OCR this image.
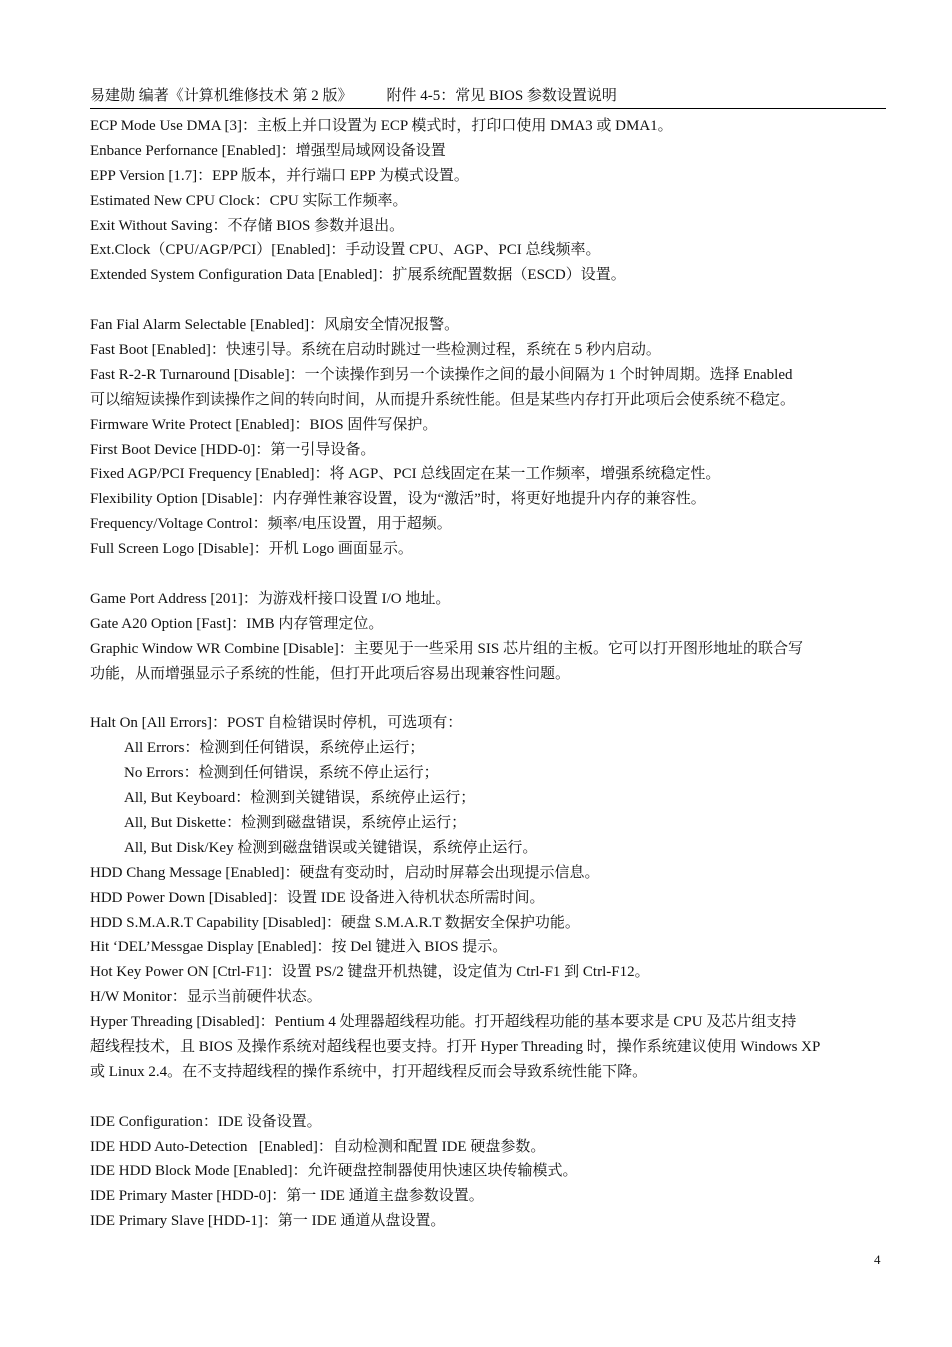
易建勋 编著《计算机维修技术 第 2 版》 附件 4-5：常见 BIOS 参数设置说明
ECP Mode Use DMA [3]：主板上并口设置为 ECP 模式时，打印口使用 DMA3 或 DMA1。
Enbance Perfornance [Enabled]：增强型局域网设备设置
EPP Version [1.7]：EPP 版本，并行端口 EPP 为模式设置。
Estimated New CPU Clock：CPU 实际工作频率。
Exit Without Saving：不存储 BIOS 参数并退出。
Ext.Clock（CPU/AGP/PCI）[Enabled]：手动设置 CPU、AGP、PCI 总线频率。
Extended System Configuration Data [Enabled]：扩展系统配置数据（ESCD）设置。
Fan Fial Alarm Selectable [Enabled]：风扇安全情况报警。
Fast Boot [Enabled]：快速引导。系统在启动时跳过一些检测过程，系统在 5 秒内启动。
Fast R-2-R Turnaround [Disable]：一个读操作到另一个读操作之间的最小间隔为 1 个时钟周期。选择 Enabled
可以缩短读操作到读操作之间的转向时间，从而提升系统性能。但是某些内存打开此项后会使系统不稳定。
Firmware Write Protect [Enabled]：BIOS 固件写保护。
First Boot Device [HDD-0]：第一引导设备。
Fixed AGP/PCI Frequency [Enabled]：将 AGP、PCI 总线固定在某一工作频率，增强系统稳定性。
Flexibility Option [Disable]：内存弹性兼容设置，设为“激活”时，将更好地提升内存的兼容性。
Frequency/Voltage Control：频率/电压设置，用于超频。
Full Screen Logo [Disable]：开机 Logo 画面显示。
Game Port Address [201]：为游戏杆接口设置 I/O 地址。
Gate A20 Option [Fast]：IMB 内存管理定位。
Graphic Window WR Combine [Disable]：主要见于一些采用 SIS 芯片组的主板。它可以打开图形地址的联合写
功能，从而增强显示子系统的性能，但打开此项后容易出现兼容性问题。
Halt On [All Errors]：POST 自检错误时停机，可选项有：
All Errors：检测到任何错误，系统停止运行；
No Errors：检测到任何错误，系统不停止运行；
All, But Keyboard：检测到关键错误，系统停止运行；
All, But Diskette：检测到磁盘错误，系统停止运行；
All, But Disk/Key 检测到磁盘错误或关键错误，系统停止运行。
HDD Chang Message [Enabled]：硬盘有变动时，启动时屏幕会出现提示信息。
HDD Power Down [Disabled]：设置 IDE 设备进入待机状态所需时间。
HDD S.M.A.R.T Capability [Disabled]：硬盘 S.M.A.R.T 数据安全保护功能。
Hit ‘DEL’Messgae Display [Enabled]：按 Del 键进入 BIOS 提示。
Hot Key Power ON [Ctrl-F1]：设置 PS/2 键盘开机热键，设定值为 Ctrl-F1 到 Ctrl-F12。
H/W Monitor：显示当前硬件状态。
Hyper Threading [Disabled]：Pentium 4 处理器超线程功能。打开超线程功能的基本要求是 CPU 及芯片组支持
超线程技术，且 BIOS 及操作系统对超线程也要支持。打开 Hyper Threading 时，操作系统建议使用 Windows XP
或 Linux 2.4。在不支持超线程的操作系统中，打开超线程反而会导致系统性能下降。
IDE Configuration：IDE 设备设置。
IDE HDD Auto-Detection   [Enabled]：自动检测和配置 IDE 硬盘参数。
IDE HDD Block Mode [Enabled]：允许硬盘控制器使用快速区块传输模式。
IDE Primary Master [HDD-0]：第一 IDE 通道主盘参数设置。
IDE Primary Slave [HDD-1]：第一 IDE 通道从盘设置。
4
